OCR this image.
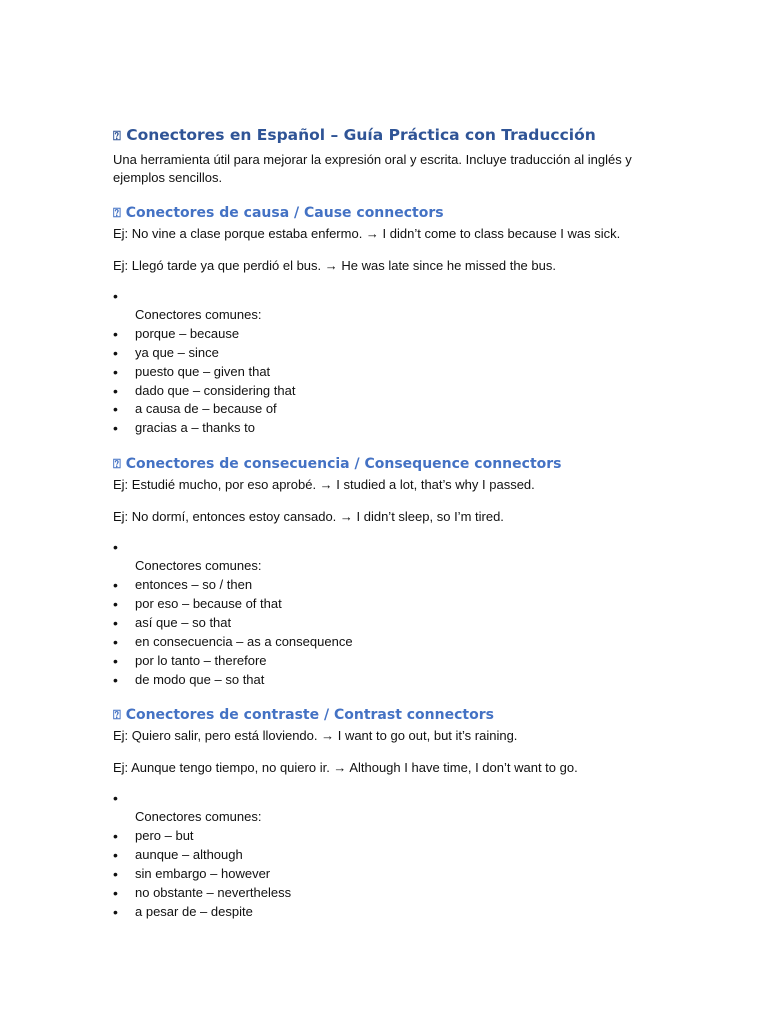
⍰ Conectores en Español – Guía Práctica con Traducción

Una herramienta útil para mejorar la expresión oral y escrita. Incluye traducción al inglés y ejemplos sencillos.

⍰ Conectores de causa / Cause connectors

Ej: No vine a clase porque estaba enfermo. → I didn’t come to class because I was sick.

Ej: Llegó tarde ya que perdió el bus. → He was late since he missed the bus.

•
Conectores comunes:
• porque – because
• ya que – since
• puesto que – given that
• dado que – considering that
• a causa de – because of
• gracias a – thanks to
⍰ Conectores de consecuencia / Consequence connectors

Ej: Estudié mucho, por eso aprobé. → I studied a lot, that’s why I passed.

Ej: No dormí, entonces estoy cansado. → I didn’t sleep, so I’m tired.

•
Conectores comunes:
• entonces – so / then
• por eso – because of that
• así que – so that
• en consecuencia – as a consequence
• por lo tanto – therefore
• de modo que – so that
⍰ Conectores de contraste / Contrast connectors

Ej: Quiero salir, pero está lloviendo. → I want to go out, but it’s raining.

Ej: Aunque tengo tiempo, no quiero ir. → Although I have time, I don’t want to go.

•
Conectores comunes:
• pero – but
• aunque – although
• sin embargo – however
• no obstante – nevertheless
• a pesar de – despite
